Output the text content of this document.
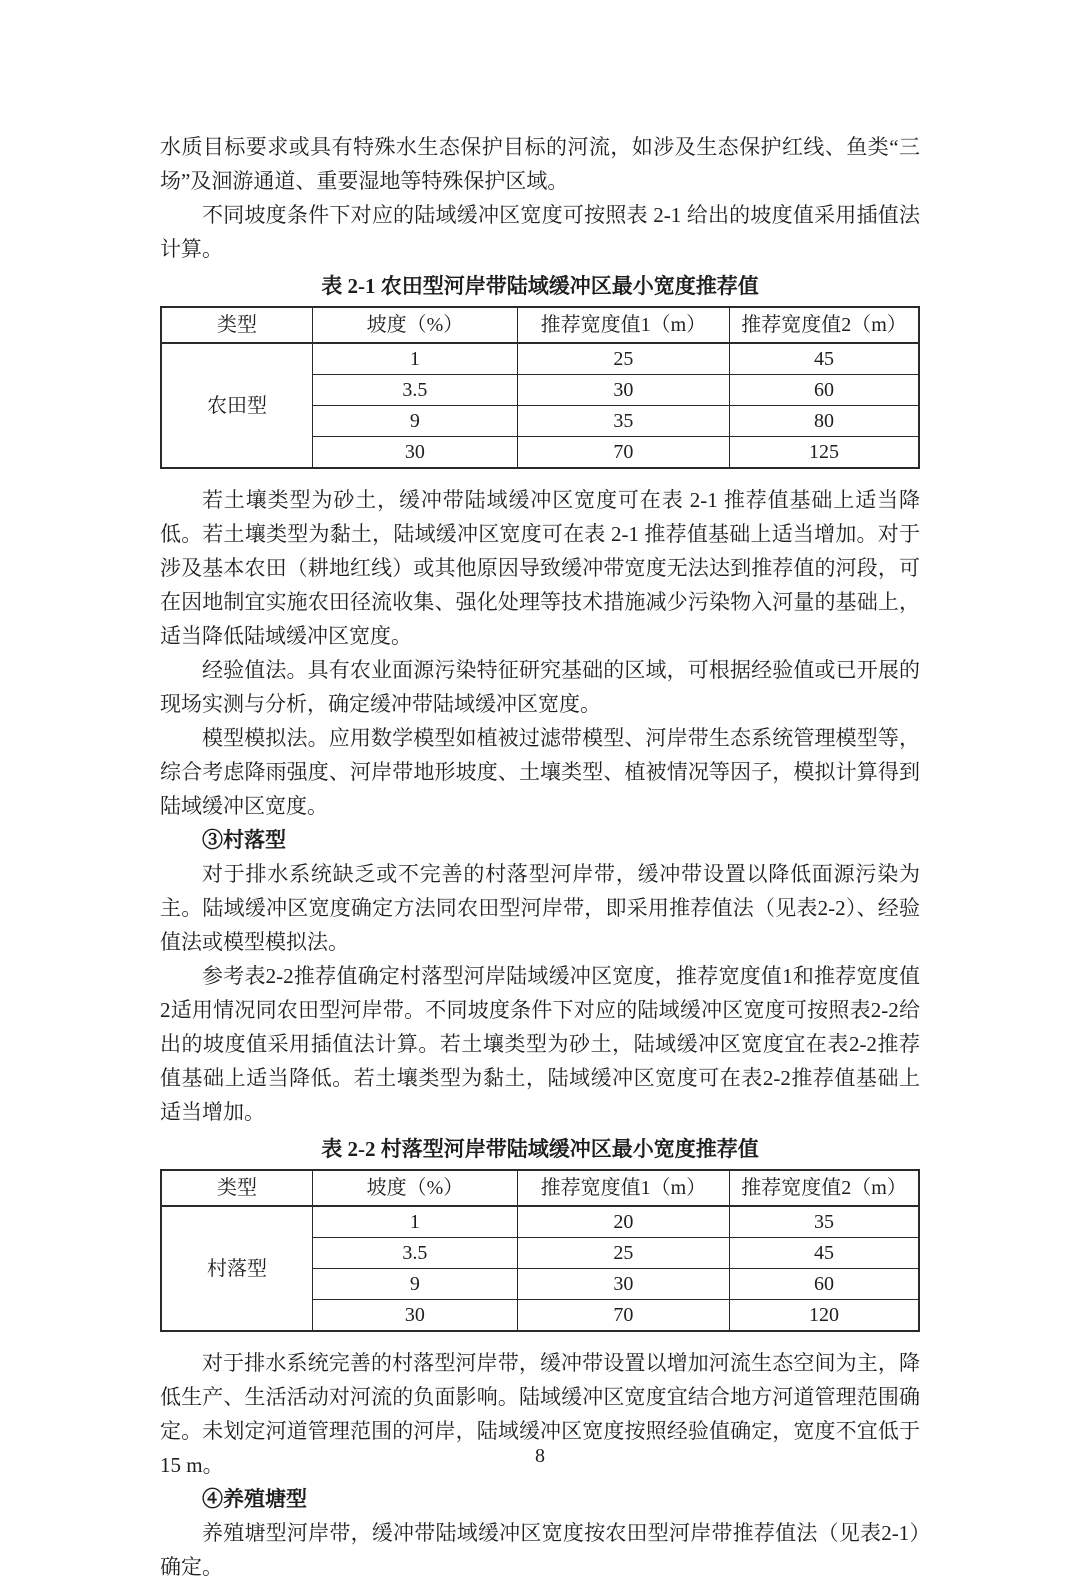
水质目标要求或具有特殊水生态保护目标的河流，如涉及生态保护红线、鱼类“三场”及洄游通道、重要湿地等特殊保护区域。

不同坡度条件下对应的陆域缓冲区宽度可按照表 2-1 给出的坡度值采用插值法计算。

表 2-1 农田型河岸带陆域缓冲区最小宽度推荐值
类型	坡度（%）	推荐宽度值1（m）	推荐宽度值2（m）
农田型	1	25	45
	3.5	30	60
	9	35	80
	30	70	125

若土壤类型为砂土，缓冲带陆域缓冲区宽度可在表 2-1 推荐值基础上适当降低。若土壤类型为黏土，陆域缓冲区宽度可在表 2-1 推荐值基础上适当增加。对于涉及基本农田（耕地红线）或其他原因导致缓冲带宽度无法达到推荐值的河段，可在因地制宜实施农田径流收集、强化处理等技术措施减少污染物入河量的基础上，适当降低陆域缓冲区宽度。

经验值法。具有农业面源污染特征研究基础的区域，可根据经验值或已开展的现场实测与分析，确定缓冲带陆域缓冲区宽度。

模型模拟法。应用数学模型如植被过滤带模型、河岸带生态系统管理模型等，综合考虑降雨强度、河岸带地形坡度、土壤类型、植被情况等因子，模拟计算得到陆域缓冲区宽度。

③村落型

对于排水系统缺乏或不完善的村落型河岸带，缓冲带设置以降低面源污染为主。陆域缓冲区宽度确定方法同农田型河岸带，即采用推荐值法（见表2-2）、经验值法或模型模拟法。

参考表2-2推荐值确定村落型河岸陆域缓冲区宽度，推荐宽度值1和推荐宽度值2适用情况同农田型河岸带。不同坡度条件下对应的陆域缓冲区宽度可按照表2-2给出的坡度值采用插值法计算。若土壤类型为砂土，陆域缓冲区宽度宜在表2-2推荐值基础上适当降低。若土壤类型为黏土，陆域缓冲区宽度可在表2-2推荐值基础上适当增加。

表 2-2 村落型河岸带陆域缓冲区最小宽度推荐值
类型	坡度（%）	推荐宽度值1（m）	推荐宽度值2（m）
村落型	1	20	35
	3.5	25	45
	9	30	60
	30	70	120

对于排水系统完善的村落型河岸带，缓冲带设置以增加河流生态空间为主，降低生产、生活活动对河流的负面影响。陆域缓冲区宽度宜结合地方河道管理范围确定。未划定河道管理范围的河岸，陆域缓冲区宽度按照经验值确定，宽度不宜低于15 m。

④养殖塘型

养殖塘型河岸带，缓冲带陆域缓冲区宽度按农田型河岸带推荐值法（见表2-1）确定。

8
